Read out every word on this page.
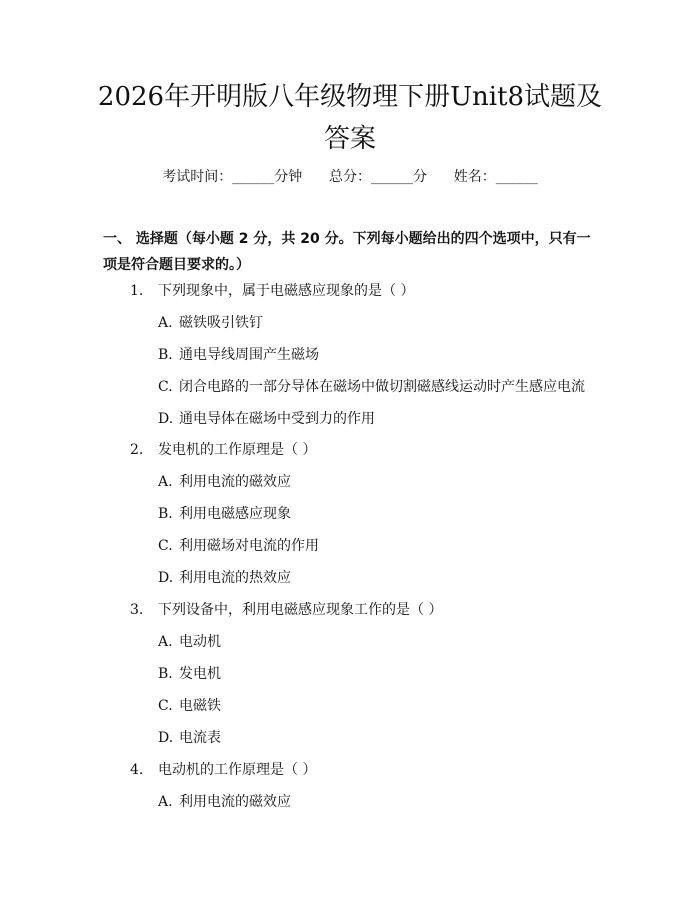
2026年开明版八年级物理下册Unit8试题及答案
考试时间：______分钟      总分：______分      姓名：______

一、 选择题（每小题 2 分，共 20 分。下列每小题给出的四个选项中，只有一项是符合题目要求的。）

1. 下列现象中，属于电磁感应现象的是（ ）
A. 磁铁吸引铁钉
B. 通电导线周围产生磁场
C. 闭合电路的一部分导体在磁场中做切割磁感线运动时产生感应电流
D. 通电导体在磁场中受到力的作用
2. 发电机的工作原理是（ ）
A. 利用电流的磁效应
B. 利用电磁感应现象
C. 利用磁场对电流的作用
D. 利用电流的热效应
3. 下列设备中，利用电磁感应现象工作的是（ ）
A. 电动机
B. 发电机
C. 电磁铁
D. 电流表
4. 电动机的工作原理是（ ）
A. 利用电流的磁效应
